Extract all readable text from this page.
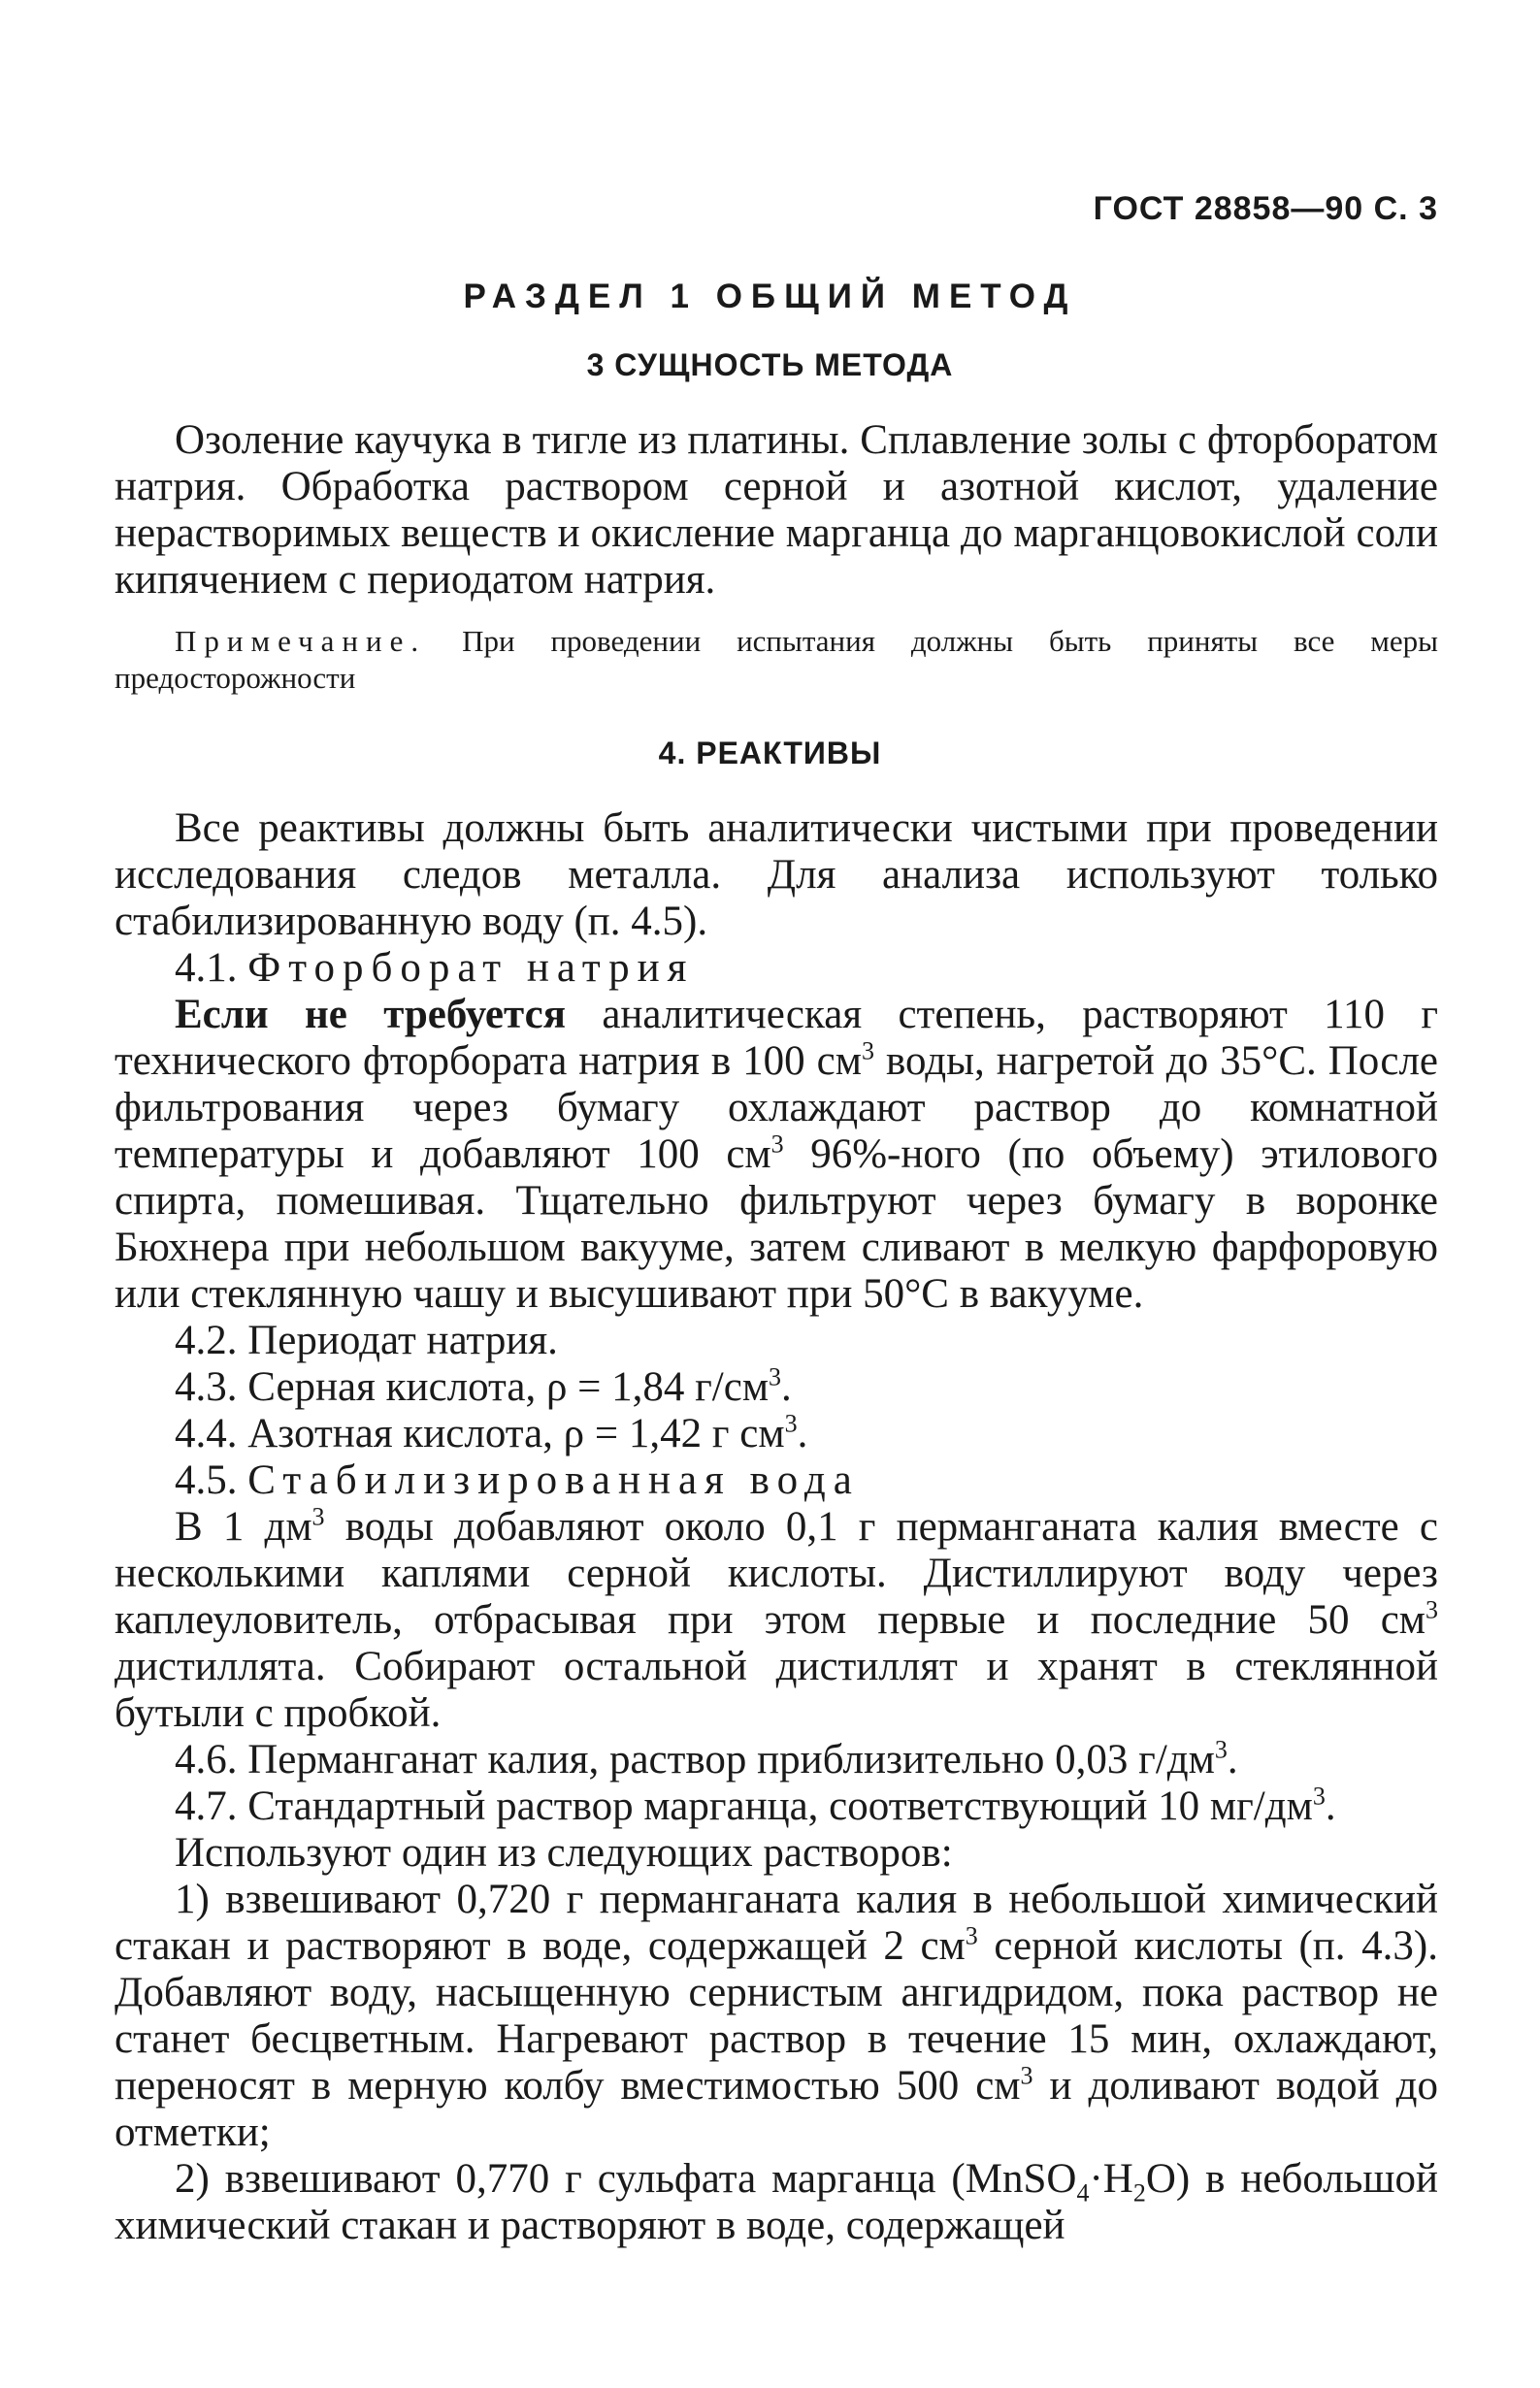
ГОСТ 28858—90 С. 3
РАЗДЕЛ 1 ОБЩИЙ МЕТОД
3 СУЩНОСТЬ МЕТОДА

Озоление каучука в тигле из платины. Сплавление золы с фторборатом натрия. Обработка раствором серной и азотной кислот, удаление нерастворимых веществ и окисление марганца до марганцовокислой соли кипячением с периодатом натрия.

Примечание. При проведении испытания должны быть приняты все меры предосторожности
4. РЕАКТИВЫ

Все реактивы должны быть аналитически чистыми при проведении исследования следов металла. Для анализа используют только стабилизированную воду (п. 4.5).

4.1. Фторборат натрия

Если не требуется аналитическая степень, растворяют 110 г технического фторбората натрия в 100 $см^3$ воды, нагретой до 35°С. После фильтрования через бумагу охлаждают раствор до комнатной температуры и добавляют 100 $см^3$ 96%-ного (по объему) этилового спирта, помешивая. Тщательно фильтруют через бумагу в воронке Бюхнера при небольшом вакууме, затем сливают в мелкую фарфоровую или стеклянную чашу и высушивают при 50°С в вакууме.

4.2. Периодат натрия.

4.3. Серная кислота, ρ = 1,84 $г/см^3$.

4.4. Азотная кислота, ρ = 1,42 г $см^3$.

4.5. Стабилизированная вода

В 1 $дм^3$ воды добавляют около 0,1 г перманганата калия вместе с несколькими каплями серной кислоты. Дистиллируют воду через каплеуловитель, отбрасывая при этом первые и последние 50 $см^3$ дистиллята. Собирают остальной дистиллят и хранят в стеклянной бутыли с пробкой.

4.6. Перманганат калия, раствор приблизительно 0,03 $г/дм^3$.

4.7. Стандартный раствор марганца, соответствующий 10 $мг/дм^3$.

Используют один из следующих растворов:

1) взвешивают 0,720 г перманганата калия в небольшой химический стакан и растворяют в воде, содержащей 2 $см^3$ серной кислоты (п. 4.3). Добавляют воду, насыщенную сернистым ангидридом, пока раствор не станет бесцветным. Нагревают раствор в течение 15 мин, охлаждают, переносят в мерную колбу вместимостью 500 $см^3$ и доливают водой до отметки;

2) взвешивают 0,770 г сульфата марганца $(MnSO_4\cdot H_2O)$ в небольшой химический стакан и растворяют в воде, содержащей
